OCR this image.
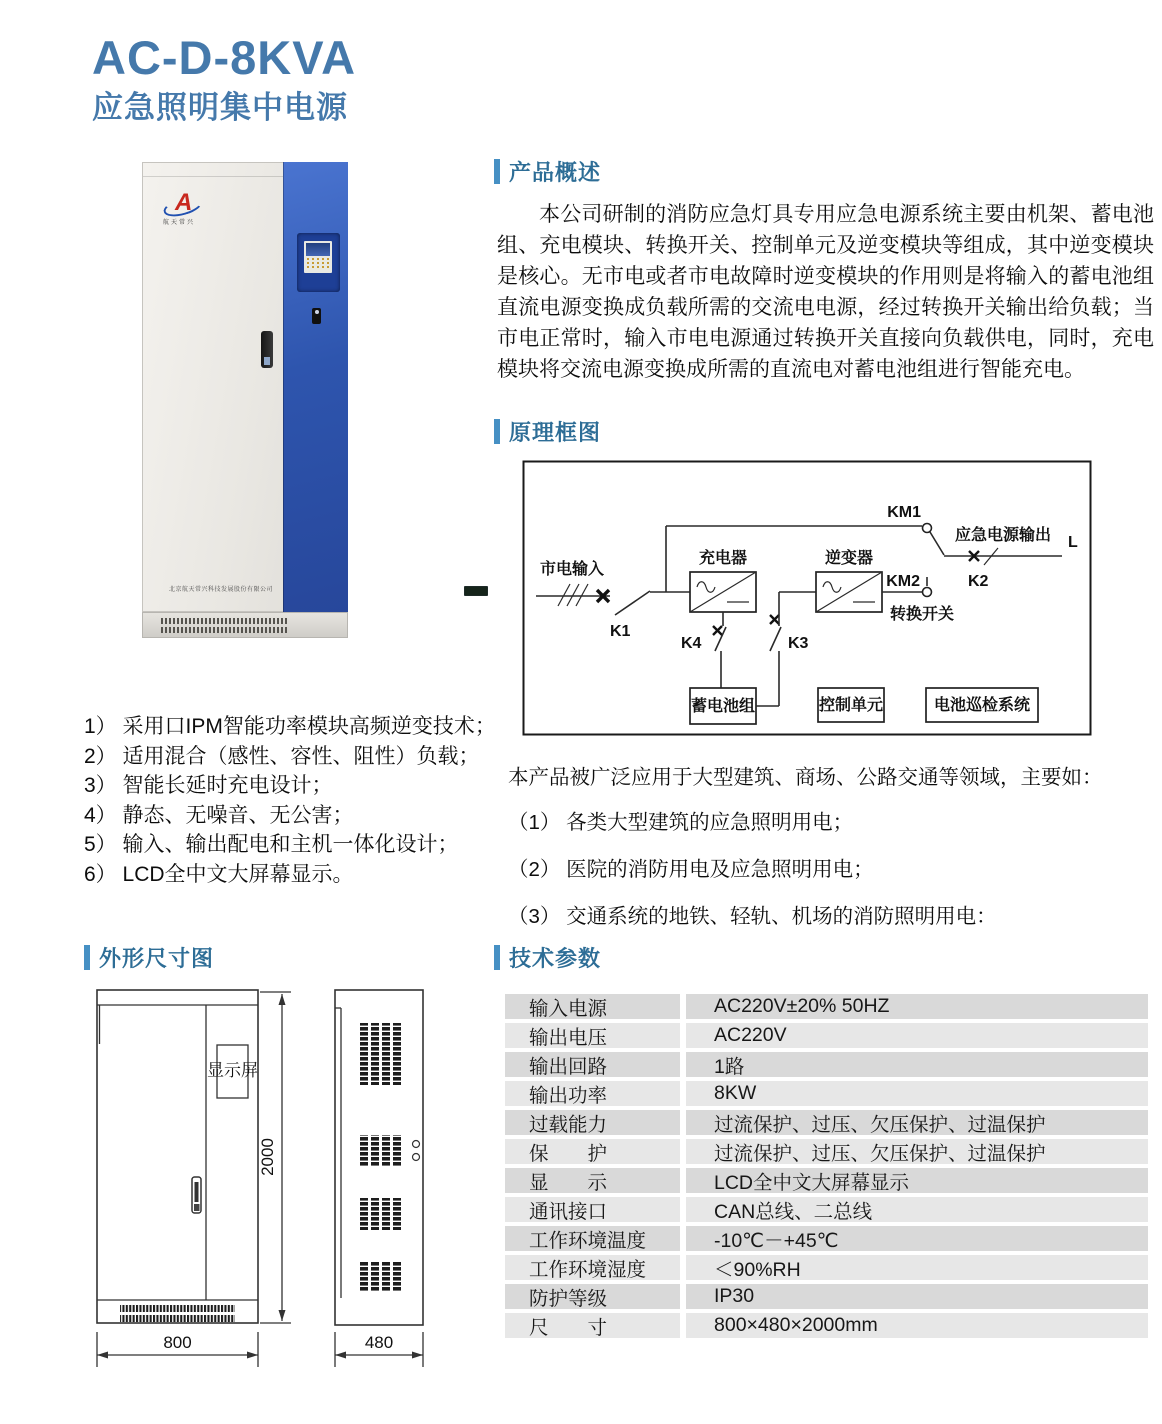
AC-D-8KVA
应急照明集中电源
A
航天常兴
北京航天常兴科技发展股份有限公司
产品概述
本公司研制的消防应急灯具专用应急电源系统主要由机架、蓄电池组、充电模块、转换开关、控制单元及逆变模块等组成，其中逆变模块是核心。无市电或者市电故障时逆变模块的作用则是将输入的蓄电池组直流电源变换成负载所需的交流电电源，经过转换开关输出给负载；当市电正常时，输入市电电源通过转换开关直接向负载供电，同时，充电模块将交流电源变换成所需的直流电对蓄电池组进行智能充电。
原理框图
市电输入
K1
KM1
K2
应急电源输出 L
充电器
K4
蓄电池组
K3
逆变器
KM2
转换开关
控制单元	电池巡检系统
1） 采用口IPM智能功率模块高频逆变技术；
2） 适用混合（感性、容性、阻性）负载；
3） 智能长延时充电设计；
4） 静态、无噪音、无公害；
5） 输入、输出配电和主机一体化设计；
6） LCD全中文大屏幕显示。
本产品被广泛应用于大型建筑、商场、公路交通等领域，主要如：
（1） 各类大型建筑的应急照明用电；
（2） 医院的消防用电及应急照明用电；
（3） 交通系统的地铁、轻轨、机场的消防照明用电：
外形尺寸图
显示屏
800
2000
480
技术参数
输入电源	AC220V±20% 50HZ
输出电压	AC220V
输出回路	1路
输出功率	8KW
过载能力	过流保护、过压、欠压保护、过温保护
保　　护	过流保护、过压、欠压保护、过温保护
显　　示	LCD全中文大屏幕显示
通讯接口	CAN总线、二总线
工作环境温度	-10℃－+45℃
工作环境湿度	＜90%RH
防护等级	IP30
尺　　寸	800×480×2000mm
